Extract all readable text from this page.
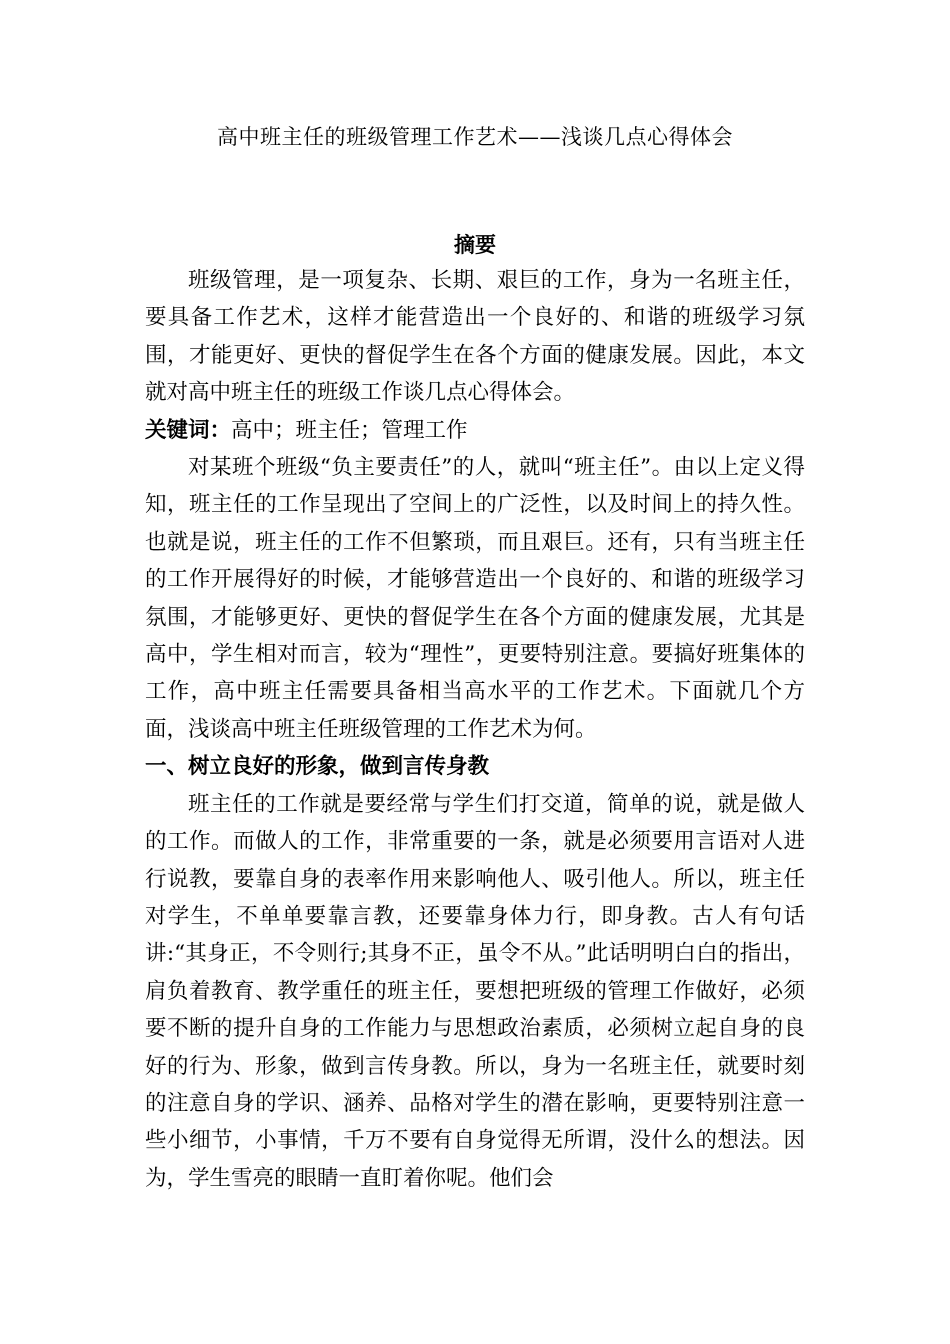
高中班主任的班级管理工作艺术——浅谈几点心得体会
摘要

班级管理，是一项复杂、长期、艰巨的工作，身为一名班主任，要具备工作艺术，这样才能营造出一个良好的、和谐的班级学习氛围，才能更好、更快的督促学生在各个方面的健康发展。因此，本文就对高中班主任的班级工作谈几点心得体会。

关键词：高中；班主任；管理工作

对某班个班级“负主要责任”的人，就叫“班主任”。由以上定义得知，班主任的工作呈现出了空间上的广泛性，以及时间上的持久性。也就是说，班主任的工作不但繁琐，而且艰巨。还有，只有当班主任的工作开展得好的时候，才能够营造出一个良好的、和谐的班级学习氛围，才能够更好、更快的督促学生在各个方面的健康发展，尤其是高中，学生相对而言，较为“理性”，更要特别注意。要搞好班集体的工作，高中班主任需要具备相当高水平的工作艺术。下面就几个方面，浅谈高中班主任班级管理的工作艺术为何。

一、树立良好的形象，做到言传身教

班主任的工作就是要经常与学生们打交道，简单的说，就是做人的工作。而做人的工作，非常重要的一条，就是必须要用言语对人进行说教，要靠自身的表率作用来影响他人、吸引他人。所以，班主任对学生，不单单要靠言教，还要靠身体力行，即身教。古人有句话讲:“其身正，不令则行;其身不正，虽令不从。”此话明明白白的指出，肩负着教育、教学重任的班主任，要想把班级的管理工作做好，必须要不断的提升自身的工作能力与思想政治素质，必须树立起自身的良好的行为、形象，做到言传身教。所以，身为一名班主任，就要时刻的注意自身的学识、涵养、品格对学生的潜在影响，更要特别注意一些小细节，小事情，千万不要有自身觉得无所谓，没什么的想法。因为，学生雪亮的眼睛一直盯着你呢。他们会
